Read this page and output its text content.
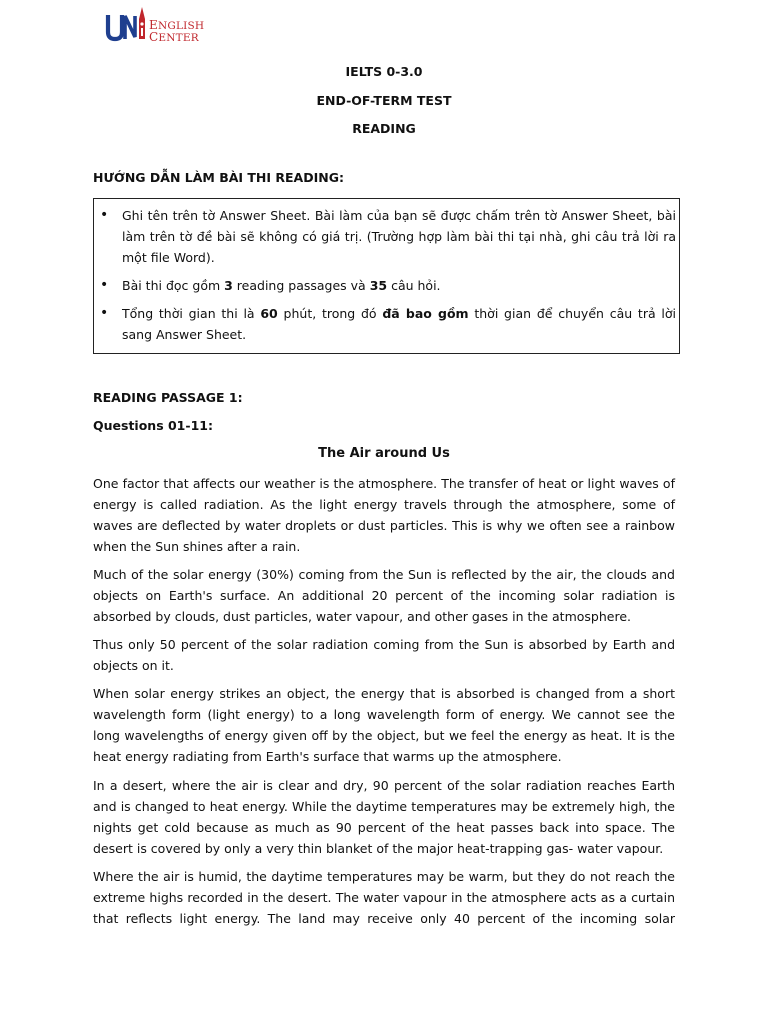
ENGLISH
CENTER
IELTS 0-3.0
END-OF-TERM TEST
READING
HƯỚNG DẪN LÀM BÀI THI READING:
• Ghi tên trên tờ Answer Sheet. Bài làm của bạn sẽ được chấm trên tờ Answer Sheet, bài
làm trên tờ đề bài sẽ không có giá trị. (Trường hợp làm bài thi tại nhà, ghi câu trả lời ra
một file Word).
• Bài thi đọc gồm 3 reading passages và 35 câu hỏi.
• Tổng thời gian thi là 60 phút, trong đó đã bao gồm thời gian để chuyển câu trả lời
sang Answer Sheet.
READING PASSAGE 1:
Questions 01-11:
The Air around Us

One factor that affects our weather is the atmosphere. The transfer of heat or light waves of
energy is called radiation. As the light energy travels through the atmosphere, some of
waves are deflected by water droplets or dust particles. This is why we often see a rainbow
when the Sun shines after a rain.

Much of the solar energy (30%) coming from the Sun is reflected by the air, the clouds and
objects on Earth's surface. An additional 20 percent of the incoming solar radiation is
absorbed by clouds, dust particles, water vapour, and other gases in the atmosphere.

Thus only 50 percent of the solar radiation coming from the Sun is absorbed by Earth and
objects on it.

When solar energy strikes an object, the energy that is absorbed is changed from a short
wavelength form (light energy) to a long wavelength form of energy. We cannot see the
long wavelengths of energy given off by the object, but we feel the energy as heat. It is the
heat energy radiating from Earth's surface that warms up the atmosphere.

In a desert, where the air is clear and dry, 90 percent of the solar radiation reaches Earth
and is changed to heat energy. While the daytime temperatures may be extremely high, the
nights get cold because as much as 90 percent of the heat passes back into space. The
desert is covered by only a very thin blanket of the major heat-trapping gas- water vapour.

Where the air is humid, the daytime temperatures may be warm, but they do not reach the
extreme highs recorded in the desert. The water vapour in the atmosphere acts as a curtain
that reflects light energy. The land may receive only 40 percent of the incoming solar
